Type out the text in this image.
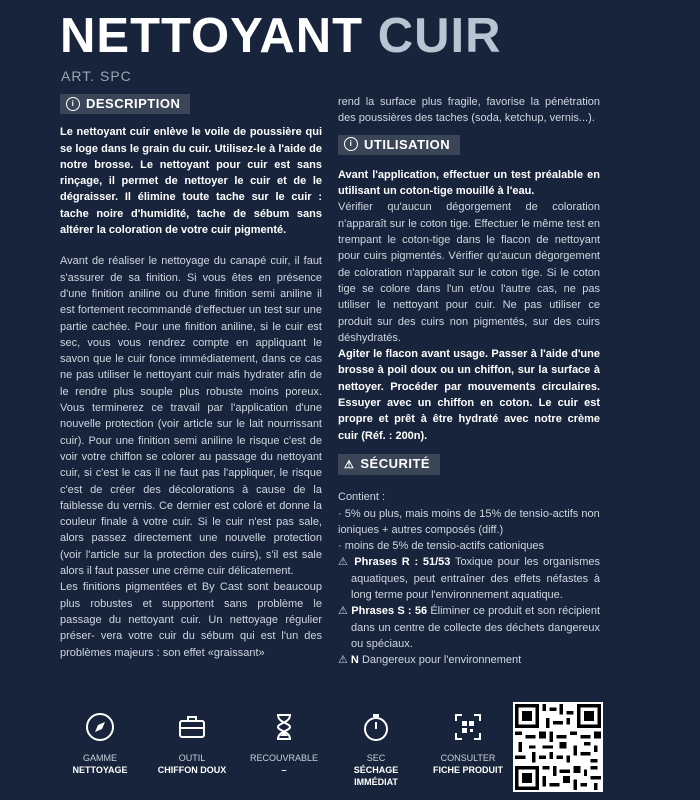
NETTOYANT CUIR
ART. SPC
i DESCRIPTION

Le nettoyant cuir enlève le voile de poussière qui se loge dans le grain du cuir. Utilisez-le à l'aide de notre brosse. Le nettoyant pour cuir est sans rinçage, il permet de nettoyer le cuir et de le dégraisser. Il élimine toute tache sur le cuir : tache noire d'humidité, tache de sébum sans altérer la coloration de votre cuir pigmenté.

Avant de réaliser le nettoyage du canapé cuir, il faut s'assurer de sa finition. Si vous êtes en présence d'une finition aniline ou d'une finition semi aniline il est fortement recommandé d'effectuer un test sur une partie cachée. Pour une finition aniline, si le cuir est sec, vous vous rendrez compte en appliquant le savon que le cuir fonce immédiatement, dans ce cas ne pas utiliser le nettoyant cuir mais hydrater afin de le rendre plus souple plus robuste moins poreux. Vous terminerez ce travail par l'application d'une nouvelle protection (voir article sur le lait nourrissant cuir). Pour une finition semi aniline le risque c'est de voir votre chiffon se colorer au passage du nettoyant cuir, si c'est le cas il ne faut pas l'appliquer, le risque c'est de créer des décolorations à cause de la faiblesse du vernis. Ce dernier est coloré et donne la couleur finale à votre cuir. Si le cuir n'est pas sale, alors passez directement une nouvelle protection (voir l'article sur la protection des cuirs), s'il est sale alors il faut passer une crème cuir délicatement.

Les finitions pigmentées et By Cast sont beaucoup plus robustes et supportent sans problème le passage du nettoyant cuir. Un nettoyage régulier préser- vera votre cuir du sébum qui est l'un des problèmes majeurs : son effet «graissant»

rend la surface plus fragile, favorise la pénétration des poussières des taches (soda, ketchup, vernis...).

i UTILISATION

Avant l'application, effectuer un test préalable en utilisant un coton-tige mouillé à l'eau.

Vérifier qu'aucun dégorgement de coloration n'apparaît sur le coton tige. Effectuer le même test en trempant le coton-tige dans le flacon de nettoyant pour cuirs pigmentés. Vérifier qu'aucun dégorgement de coloration n'apparaît sur le coton tige. Si le coton tige se colore dans l'un et/ou l'autre cas, ne pas utiliser le nettoyant pour cuir. Ne pas utiliser ce produit sur des cuirs non pigmentés, sur des cuirs déshydratés.

Agiter le flacon avant usage. Passer à l'aide d'une brosse à poil doux ou un chiffon, sur la surface à nettoyer. Procéder par mouvements circulaires. Essuyer avec un chiffon en coton. Le cuir est propre et prêt à être hydraté avec notre crème cuir (Réf. : 200n).

⚠ SÉCURITÉ

Contient :

· 5% ou plus, mais moins de 15% de tensio-actifs non ioniques + autres composés (diff.)
· moins de 5% de tensio-actifs cationiques

⚠ Phrases R : 51/53 Toxique pour les organismes aquatiques, peut entraîner des effets néfastes à long terme pour l'environnement aquatique.

⚠ Phrases S : 56 Éliminer ce produit et son récipient dans un centre de collecte des déchets dangereux ou spéciaux.

⚠ N Dangereux pour l'environnement

GAMME
NETTOYAGE
OUTIL
CHIFFON DOUX
RECOUVRABLE
–
SEC
SÉCHAGE IMMÉDIAT
CONSULTER
FICHE PRODUIT
